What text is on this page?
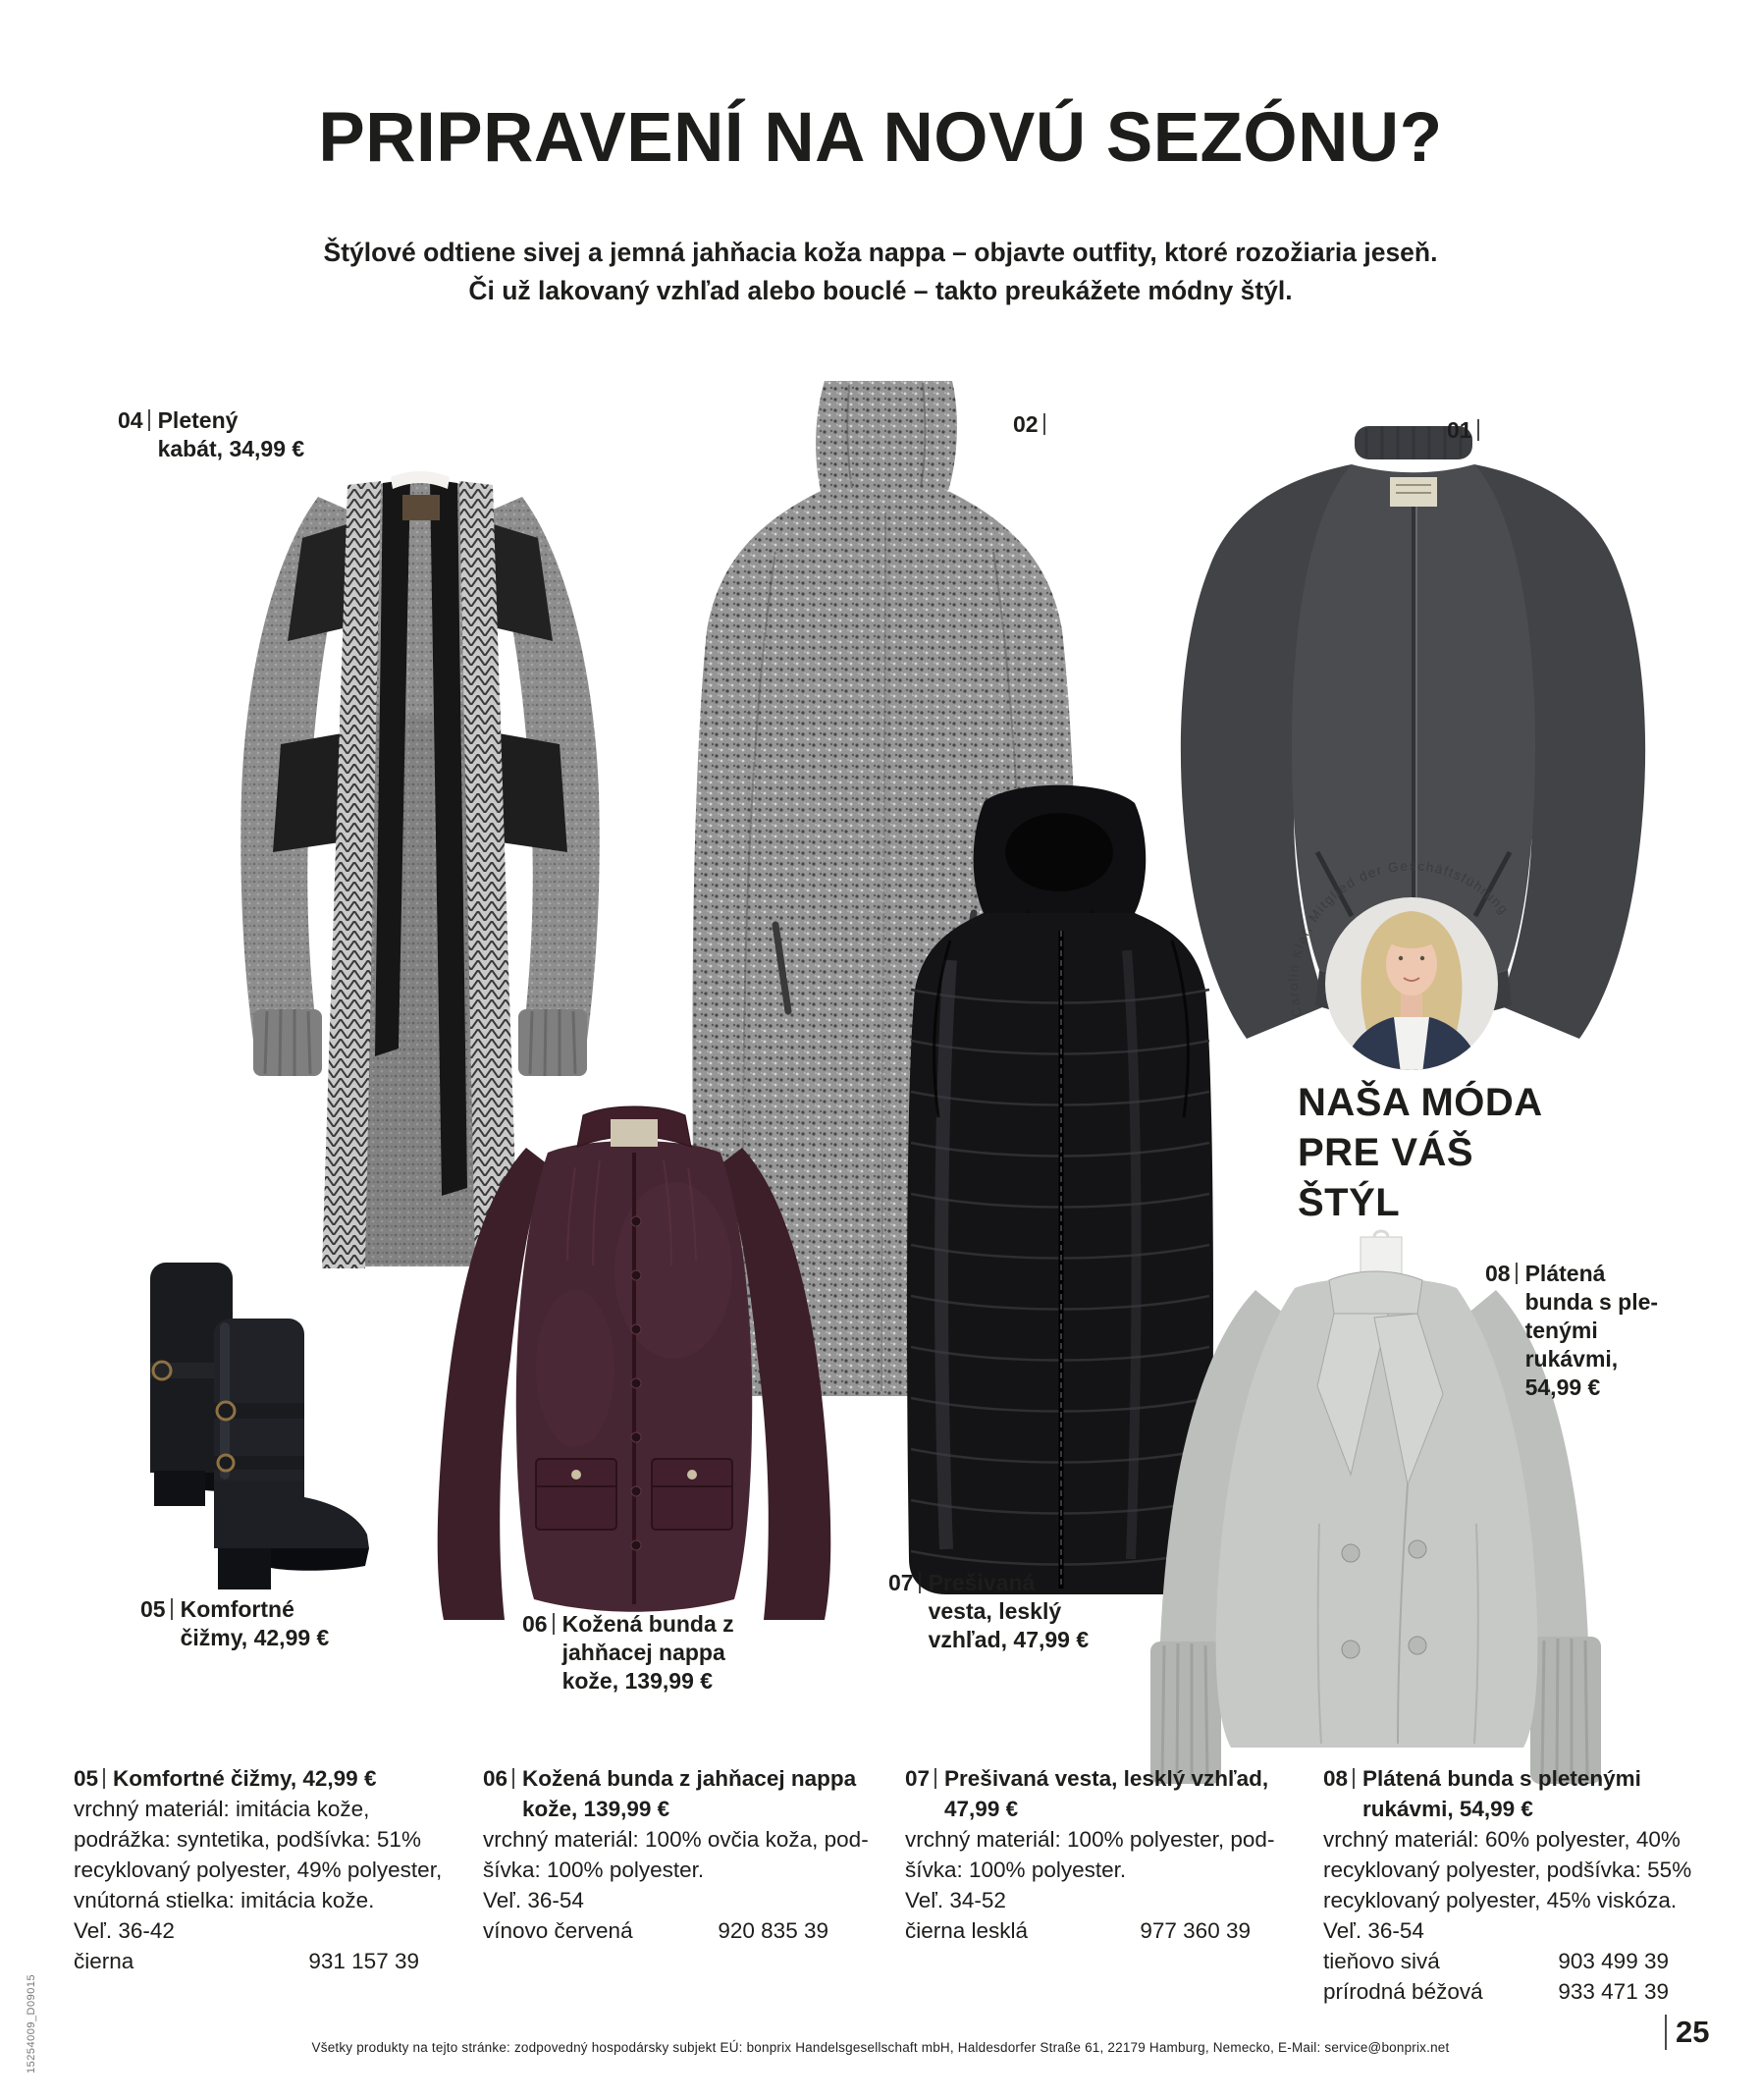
PRIPRAVENÍ NA NOVÚ SEZÓNU?
Štýlové odtiene sivej a jemná jahňacia koža nappa – objavte outfity, ktoré rozožiaria jeseň.
Či už lakovaný vzhľad alebo bouclé – takto preukážete módny štýl.
Carolin Klar, Mitglied der Geschäftsführung
04 Pletený
kabát, 34,99 €
02	01
05 Komfortné
čižmy, 42,99 €
06 Kožená bunda z
jahňacej nappa
kože, 139,99 €
07 Prešivaná
vesta, lesklý
vzhľad, 47,99 €
08 Plátená
bunda s ple-
tenými
rukávmi,
54,99 €
NAŠA MÓDA
PRE VÁŠ
ŠTÝL
05 Komfortné čižmy, 42,99 €
vrchný materiál: imitácia kože,
podrážka: syntetika, podšívka: 51%
recyklovaný polyester, 49% polyester,
vnútorná stielka: imitácia kože.
Veľ. 36-42
čierna	931 157 39
06 Kožená bunda z jahňacej nappa
kože, 139,99 €
vrchný materiál: 100% ovčia koža, pod-
šívka: 100% polyester.
Veľ. 36-54
vínovo červená	920 835 39
07 Prešivaná vesta, lesklý vzhľad,
47,99 €
vrchný materiál: 100% polyester, pod-
šívka: 100% polyester.
Veľ. 34-52
čierna lesklá	977 360 39
08 Plátená bunda s pletenými
rukávmi, 54,99 €
vrchný materiál: 60% polyester, 40%
recyklovaný polyester, podšívka: 55%
recyklovaný polyester, 45% viskóza.
Veľ. 36-54
tieňovo sivá	903 499 39
prírodná béžová	933 471 39
Všetky produkty na tejto stránke: zodpovedný hospodársky subjekt EÚ: bonprix Handelsgesellschaft mbH, Haldesdorfer Straße 61, 22179 Hamburg, Nemecko, E-Mail: service@bonprix.net	25
15254009_D09015
